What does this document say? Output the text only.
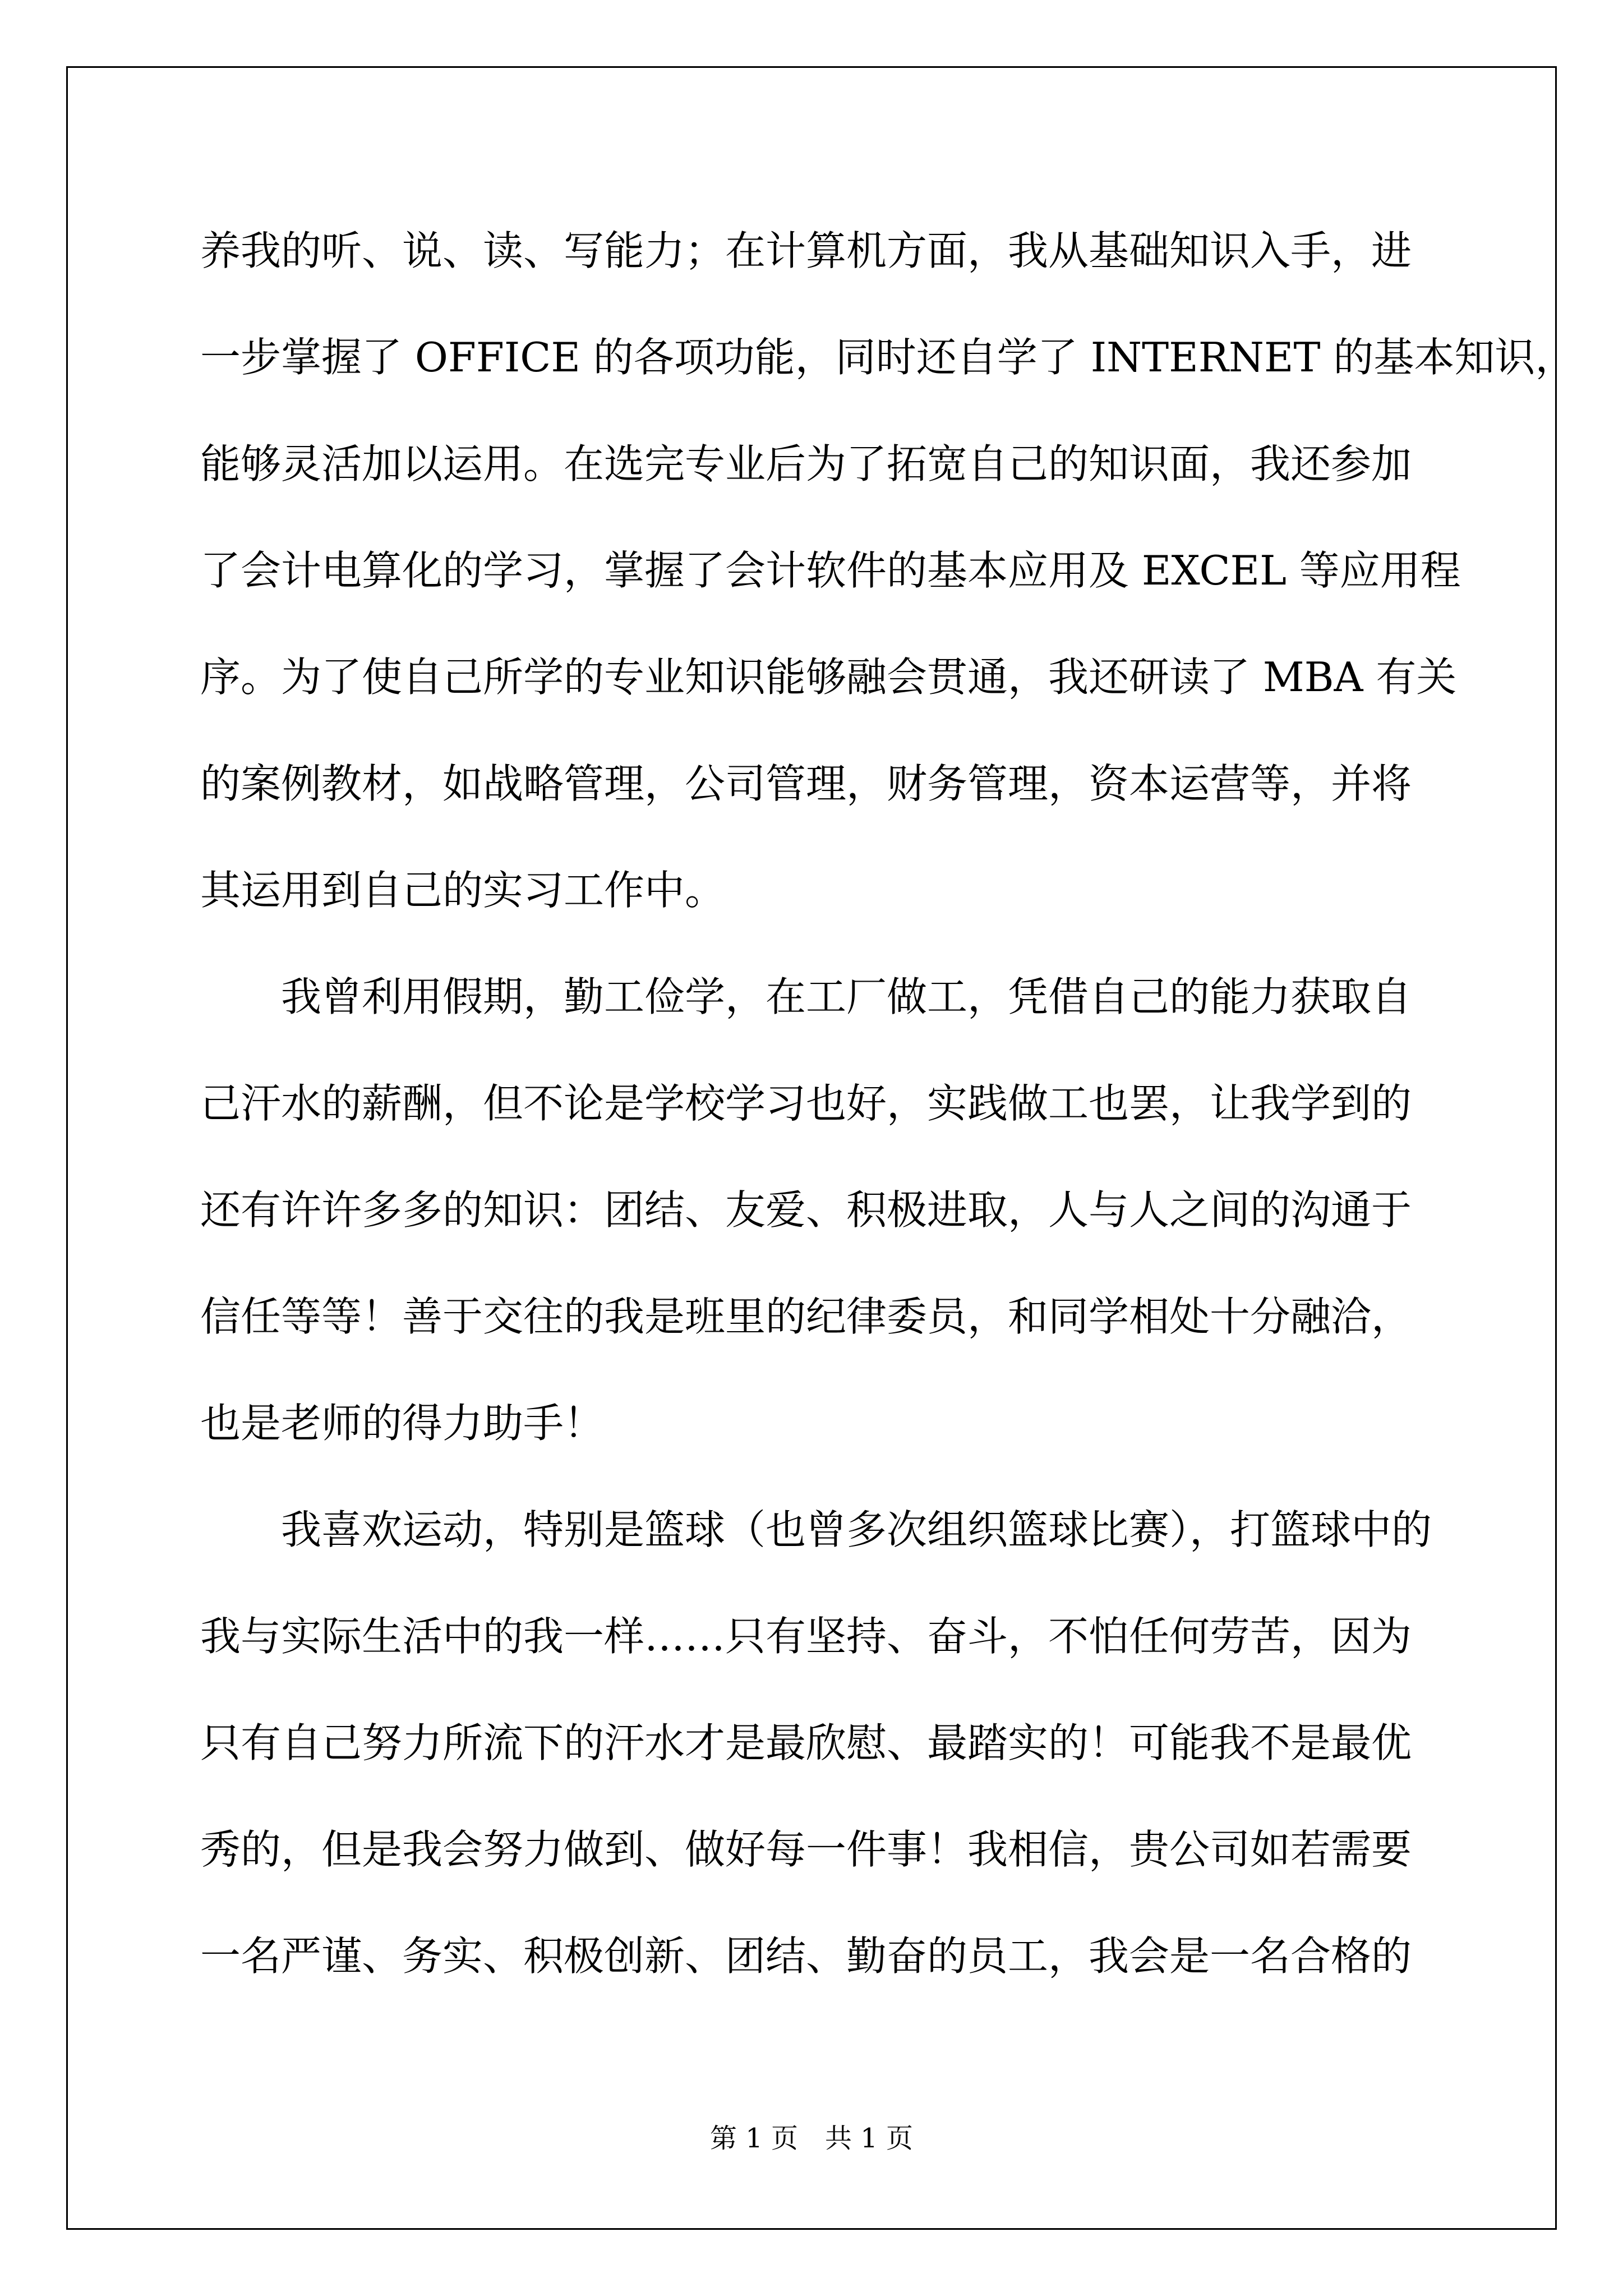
养我的听、说、读、写能力；在计算机方面，我从基础知识入手，进
一步掌握了 OFFICE 的各项功能，同时还自学了 INTERNET 的基本知识，
能够灵活加以运用。在选完专业后为了拓宽自己的知识面，我还参加
了会计电算化的学习，掌握了会计软件的基本应用及 EXCEL 等应用程
序。为了使自己所学的专业知识能够融会贯通，我还研读了 MBA 有关
的案例教材，如战略管理，公司管理，财务管理，资本运营等，并将
其运用到自己的实习工作中。
　　我曾利用假期，勤工俭学，在工厂做工，凭借自己的能力获取自
己汗水的薪酬，但不论是学校学习也好，实践做工也罢，让我学到的
还有许许多多的知识：团结、友爱、积极进取，人与人之间的沟通于
信任等等！善于交往的我是班里的纪律委员，和同学相处十分融洽，
也是老师的得力助手！
　　我喜欢运动，特别是篮球（也曾多次组织篮球比赛），打篮球中的
我与实际生活中的我一样……只有坚持、奋斗，不怕任何劳苦，因为
只有自己努力所流下的汗水才是最欣慰、最踏实的！可能我不是最优
秀的，但是我会努力做到、做好每一件事！我相信，贵公司如若需要
一名严谨、务实、积极创新、团结、勤奋的员工，我会是一名合格的
第 1 页　共 1 页
